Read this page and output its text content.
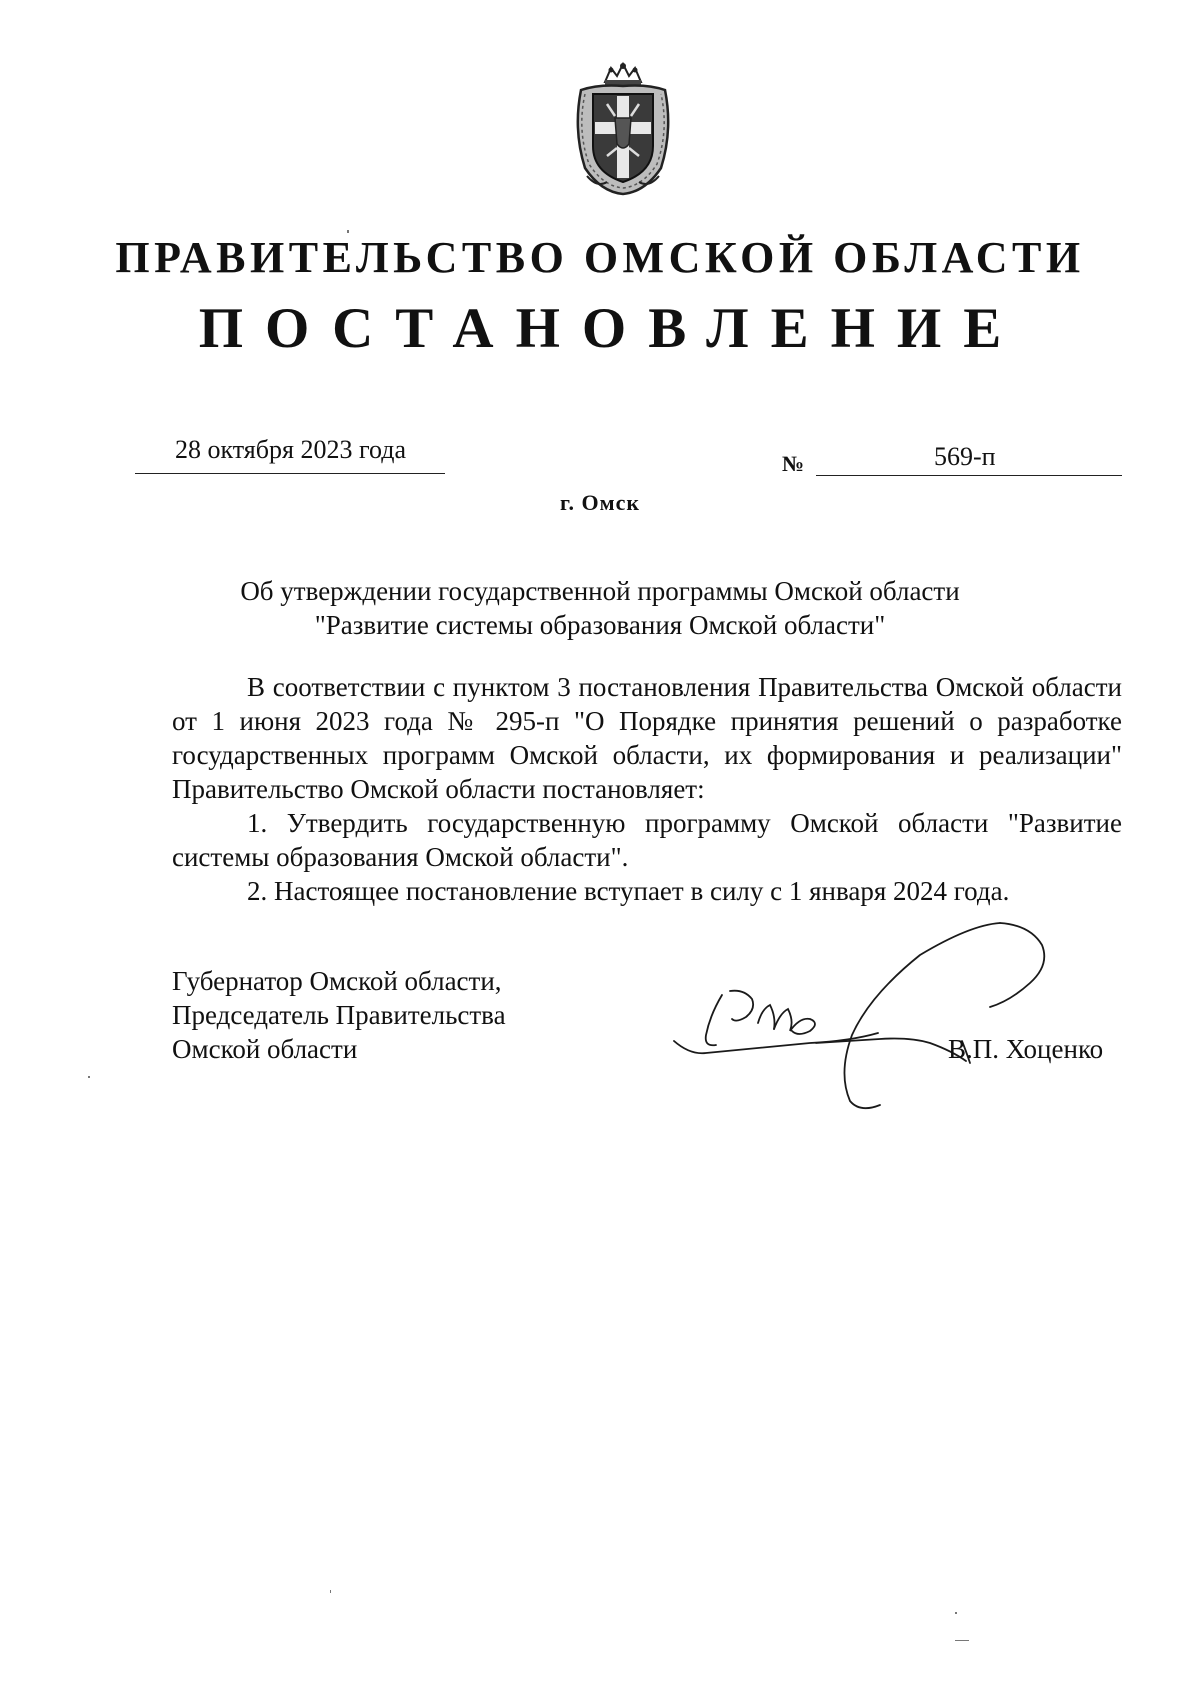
ПРАВИТЕЛЬСТВО ОМСКОЙ ОБЛАСТИ
ПОСТАНОВЛЕНИЕ
28 октября 2023 года	№	569-п
г. Омск
Об утверждении государственной программы Омской области
"Развитие системы образования Омской области"

В соответствии с пунктом 3 постановления Правительства Омской области от 1 июня 2023 года № 295-п "О Порядке принятия решений о разработке государственных программ Омской области, их формирования и реализации" Правительство Омской области постановляет:

1. Утвердить государственную программу Омской области "Развитие системы образования Омской области".

2. Настоящее постановление вступает в силу с 1 января 2024 года.

Губернатор Омской области,
Председатель Правительства
Омской области	В.П. Хоценко
